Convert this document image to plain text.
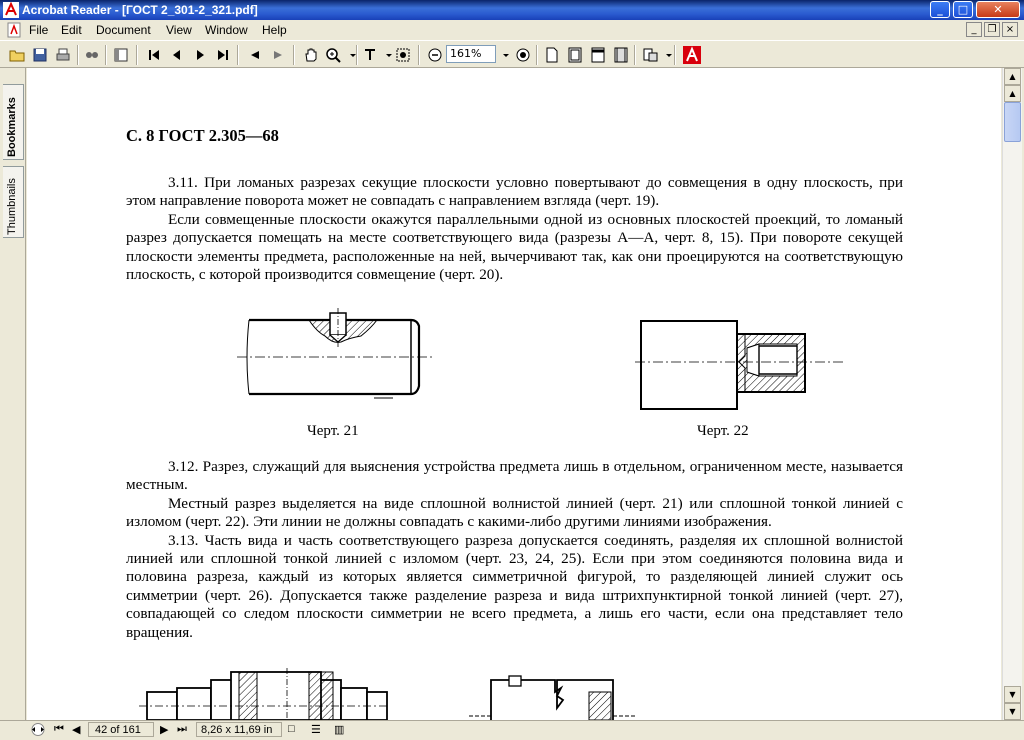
Acrobat Reader - [ГОСТ 2_301-2_321.pdf]	_	□	✕
File Edit Document View Window Help	_	❐ ×
161%
Bookmarks
Thumbnails
С. 8 ГОСТ 2.305—68

3.11. При ломаных разрезах секущие плоскости условно повертывают до совмещения в одну плоскость, при этом направление поворота может не совпадать с направлением взгляда (черт. 19).

Если совмещенные плоскости окажутся параллельными одной из основных плоскостей проекций, то ломаный разрез допускается помещать на месте соответствующего вида (разрезы А—А, черт. 8, 15). При повороте секущей плоскости элементы предмета, расположенные на ней, вычерчивают так, как они проецируются на соответствующую плоскость, с которой производится совмещение (черт. 20).

Черт. 21	Черт. 22

3.12. Разрез, служащий для выяснения устройства предмета лишь в отдельном, ограниченном месте, называется местным.

Местный разрез выделяется на виде сплошной волнистой линией (черт. 21) или сплошной тонкой линией с изломом (черт. 22). Эти линии не должны совпадать с какими-либо другими линиями изображения.

3.13. Часть вида и часть соответствующего разреза допускается соединять, разделяя их сплошной волнистой линией или сплошной тонкой линией с изломом (черт. 23, 24, 25). Если при этом соединяются половина вида и половина разреза, каждый из которых является симметричной фигурой, то разделяющей линией служит ось симметрии (черт. 26). Допускается также разделение разреза и вида штрихпунктирной тонкой линией (черт. 27), совпадающей со следом плоскости симметрии не всего предмета, а лишь его части, если она представляет тело вращения.

▲
▲
▼
▼
⏮ ◀ 42 of 161 ▶ ⏭ 8,26 x 11,69 in □ ☰ ▥
